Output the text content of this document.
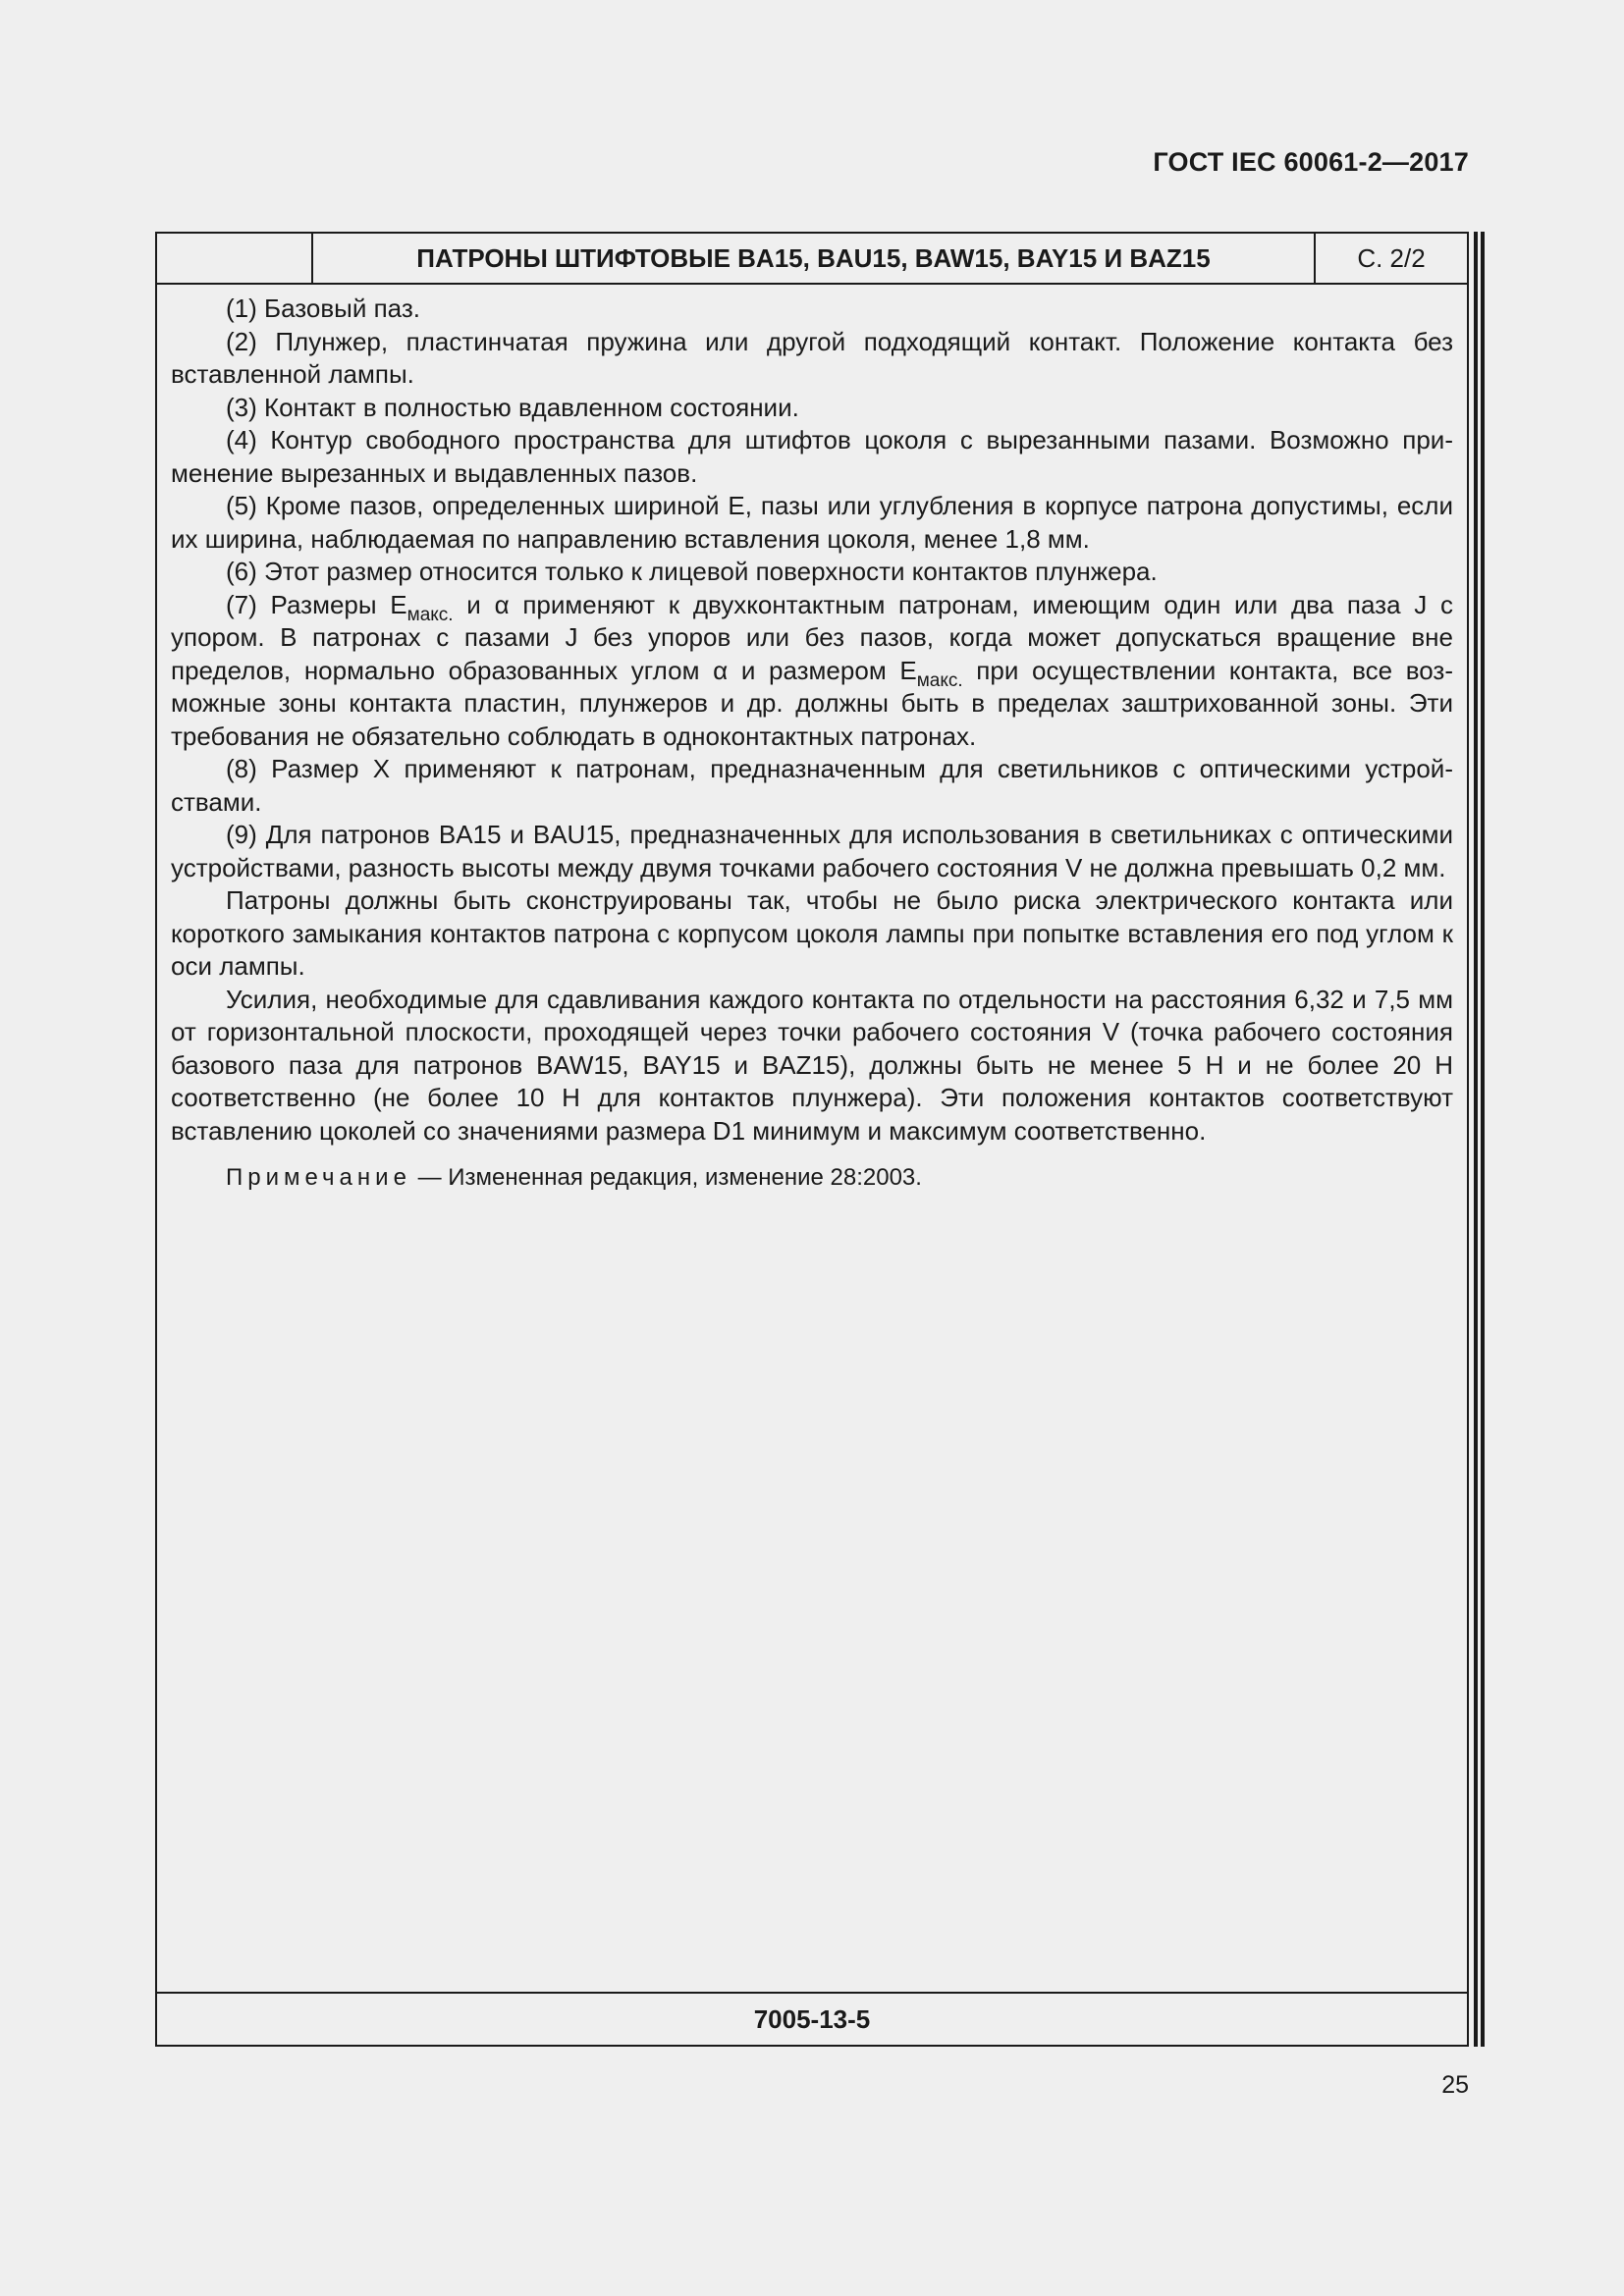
ГОСТ IEC 60061-2—2017
ПАТРОНЫ ШТИФТОВЫЕ BA15, BAU15, BAW15, BAY15 И BAZ15	С. 2/2

(1) Базовый паз.

(2) Плунжер, пластинчатая пружина или другой подходящий контакт. Положение контакта без вставленной лампы.

(3) Контакт в полностью вдавленном состоянии.

(4) Контур свободного пространства для штифтов цоколя с вырезанными пазами. Возможно применение вырезанных и выдавленных пазов.

(5) Кроме пазов, определенных шириной E, пазы или углубления в корпусе патрона допустимы, если их ширина, наблюдаемая по направлению вставления цоколя, менее 1,8 мм.

(6) Этот размер относится только к лицевой поверхности контактов плунжера.

(7) Размеры $E_{макс.}$ и α применяют к двухконтактным патронам, имеющим один или два паза J с упором. В патронах с пазами J без упоров или без пазов, когда может допускаться вращение вне пределов, нормально образованных углом α и размером $E_{макс.}$ при осуществлении контакта, все возможные зоны контакта пластин, плунжеров и др. должны быть в пределах заштрихованной зоны. Эти требования не обязательно соблюдать в одноконтактных патронах.

(8) Размер X применяют к патронам, предназначенным для светильников с оптическими устройствами.

(9) Для патронов BA15 и BAU15, предназначенных для использования в светильниках с оптическими устройствами, разность высоты между двумя точками рабочего состояния V не должна превышать 0,2 мм.

Патроны должны быть сконструированы так, чтобы не было риска электрического контакта или короткого замыкания контактов патрона с корпусом цоколя лампы при попытке вставления его под углом к оси лампы.

Усилия, необходимые для сдавливания каждого контакта по отдельности на расстояния 6,32 и 7,5 мм от горизонтальной плоскости, проходящей через точки рабочего состояния V (точка рабочего состояния базового паза для патронов BAW15, BAY15 и BAZ15), должны быть не менее 5 Н и не более 20 Н соответственно (не более 10 Н для контактов плунжера). Эти положения контактов соответствуют вставлению цоколей со значениями размера D1 минимум и максимум соответственно.

Примечание — Измененная редакция, изменение 28:2003.

7005-13-5
25
